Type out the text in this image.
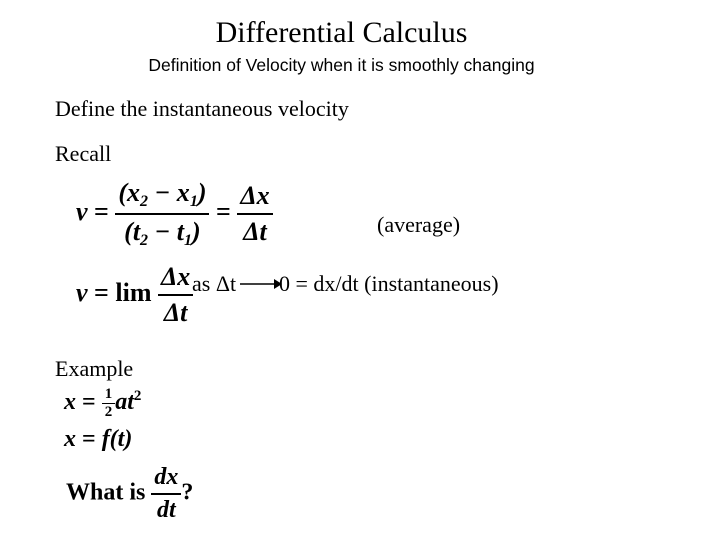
Differential Calculus
Definition of Velocity when it is smoothly changing
Define the instantaneous velocity
Recall
$v = \frac{(x_2 - x_1)}{(t_2 - t_1)} = \frac{\Delta x}{\Delta t}$	(average)
$v = \lim \frac{\Delta x}{\Delta t}$
as Δt 0 = dx/dt (instantaneous)
Example
$x = \frac{1}{2} at^2$
x = f(t)
What is $\frac{dx}{dt}$ ?
